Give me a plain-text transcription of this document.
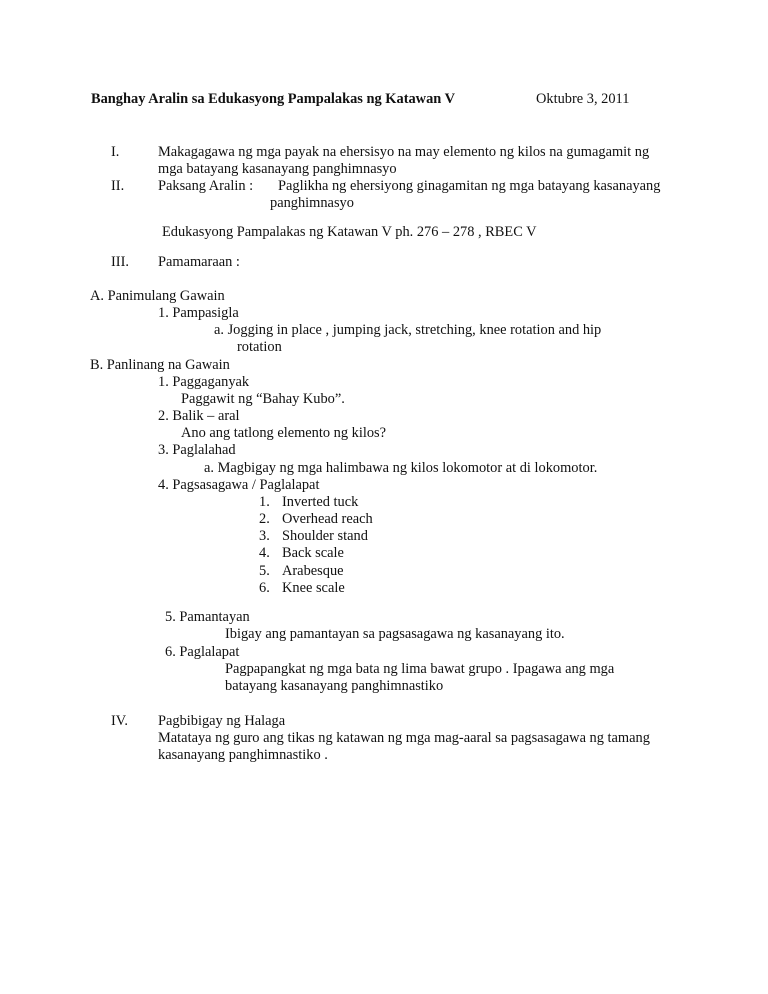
Banghay Aralin sa Edukasyong Pampalakas ng Katawan V	Oktubre 3, 2011
I.	Makagagawa ng mga payak na ehersisyo na may elemento ng kilos na gumagamit ng
mga batayang kasanayang panghimnasyo
II. Paksang Aralin : Paglikha ng ehersiyong ginagamitan ng mga batayang kasanayang
panghimnasyo
Edukasyong Pampalakas ng Katawan V ph. 276 – 278 , RBEC V
III. Pamamaraan :
A. Panimulang Gawain
1. Pampasigla
a. Jogging in place , jumping jack, stretching, knee rotation and hip
rotation
B. Panlinang na Gawain
1. Paggaganyak
Paggawit ng “Bahay Kubo”.
2. Balik – aral
Ano ang tatlong elemento ng kilos?
3. Paglalahad
a. Magbigay ng mga halimbawa ng kilos lokomotor at di lokomotor.
4. Pagsasagawa / Paglalapat
1. Inverted tuck
2. Overhead reach
3. Shoulder stand
4. Back scale
5. Arabesque
6. Knee scale
5. Pamantayan
Ibigay ang pamantayan sa pagsasagawa ng kasanayang ito.
6. Paglalapat
Pagpapangkat ng mga bata ng lima bawat grupo . Ipagawa ang mga
batayang kasanayang panghimnastiko
IV. Pagbibigay ng Halaga
Matataya ng guro ang tikas ng katawan ng mga mag-aaral sa pagsasagawa ng tamang
kasanayang panghimnastiko .
